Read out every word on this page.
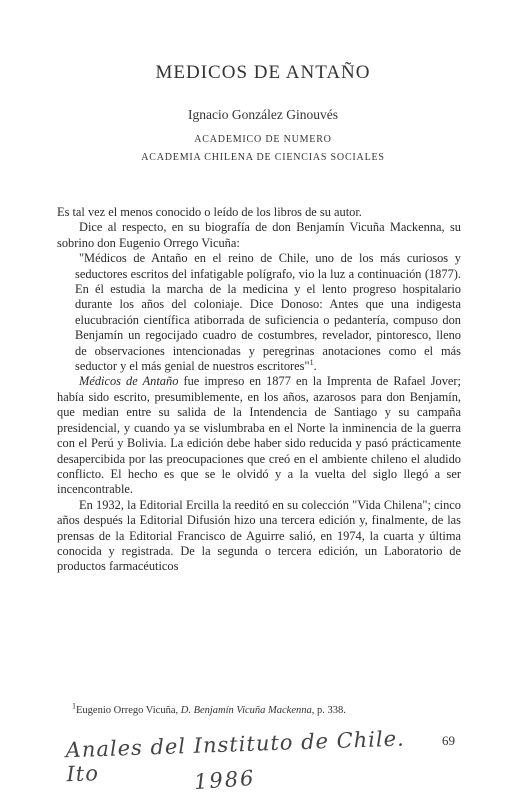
MEDICOS DE ANTAÑO
Ignacio González Ginouvés
ACADEMICO DE NUMERO
ACADEMIA CHILENA DE CIENCIAS SOCIALES

Es tal vez el menos conocido o leído de los libros de su autor.

Dice al respecto, en su biografía de don Benjamín Vicuña Mackenna, su sobrino don Eugenio Orrego Vicuña:

"Médicos de Antaño en el reino de Chile, uno de los más curiosos y seductores escritos del infatigable polígrafo, vio la luz a continuación (1877). En él estudia la marcha de la medicina y el lento progreso hospitalario durante los años del coloniaje. Dice Donoso: Antes que una indigesta elucubración científica atiborrada de suficiencia o pedantería, compuso don Benjamín un regocijado cuadro de costumbres, revelador, pintoresco, lleno de observaciones intencionadas y peregrinas anotaciones como el más seductor y el más genial de nuestros escritores"$^1$.

Médicos de Antaño fue impreso en 1877 en la Imprenta de Rafael Jover; había sido escrito, presumiblemente, en los años, azarosos para don Benjamín, que median entre su salida de la Intendencia de Santiago y su campaña presidencial, y cuando ya se vislumbraba en el Norte la inminencia de la guerra con el Perú y Bolivia. La edición debe haber sido reducida y pasó prácticamente desapercibida por las preocupaciones que creó en el ambiente chileno el aludido conflicto. El hecho es que se le olvidó y a la vuelta del siglo llegó a ser incencontrable.

En 1932, la Editorial Ercilla la reeditó en su colección "Vida Chilena"; cinco años después la Editorial Difusión hizo una tercera edición y, finalmente, de las prensas de la Editorial Francisco de Aguirre salió, en 1974, la cuarta y última conocida y registrada. De la segunda o tercera edición, un Laboratorio de productos farmacéuticos

$^1$Eugenio Orrego Vicuña, D. Benjamín Vicuña Mackenna, p. 338.
69
Anales del Instituto de Chile. Ito	1986
